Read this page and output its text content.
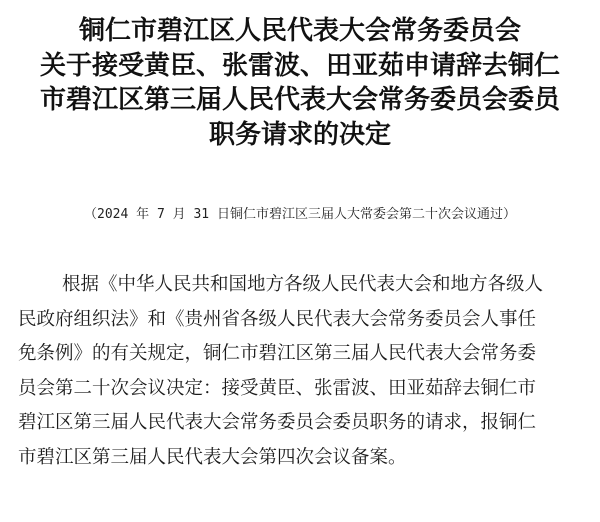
铜仁市碧江区人民代表大会常务委员会
关于接受黄臣、张雷波、田亚茹申请辞去铜仁
市碧江区第三届人民代表大会常务委员会委员
职务请求的决定
（2024 年 7 月 31 日铜仁市碧江区三届人大常委会第二十次会议通过）
根据《中华人民共和国地方各级人民代表大会和地方各级人
民政府组织法》和《贵州省各级人民代表大会常务委员会人事任
免条例》的有关规定，铜仁市碧江区第三届人民代表大会常务委
员会第二十次会议决定：接受黄臣、张雷波、田亚茹辞去铜仁市
碧江区第三届人民代表大会常务委员会委员职务的请求，报铜仁
市碧江区第三届人民代表大会第四次会议备案。
